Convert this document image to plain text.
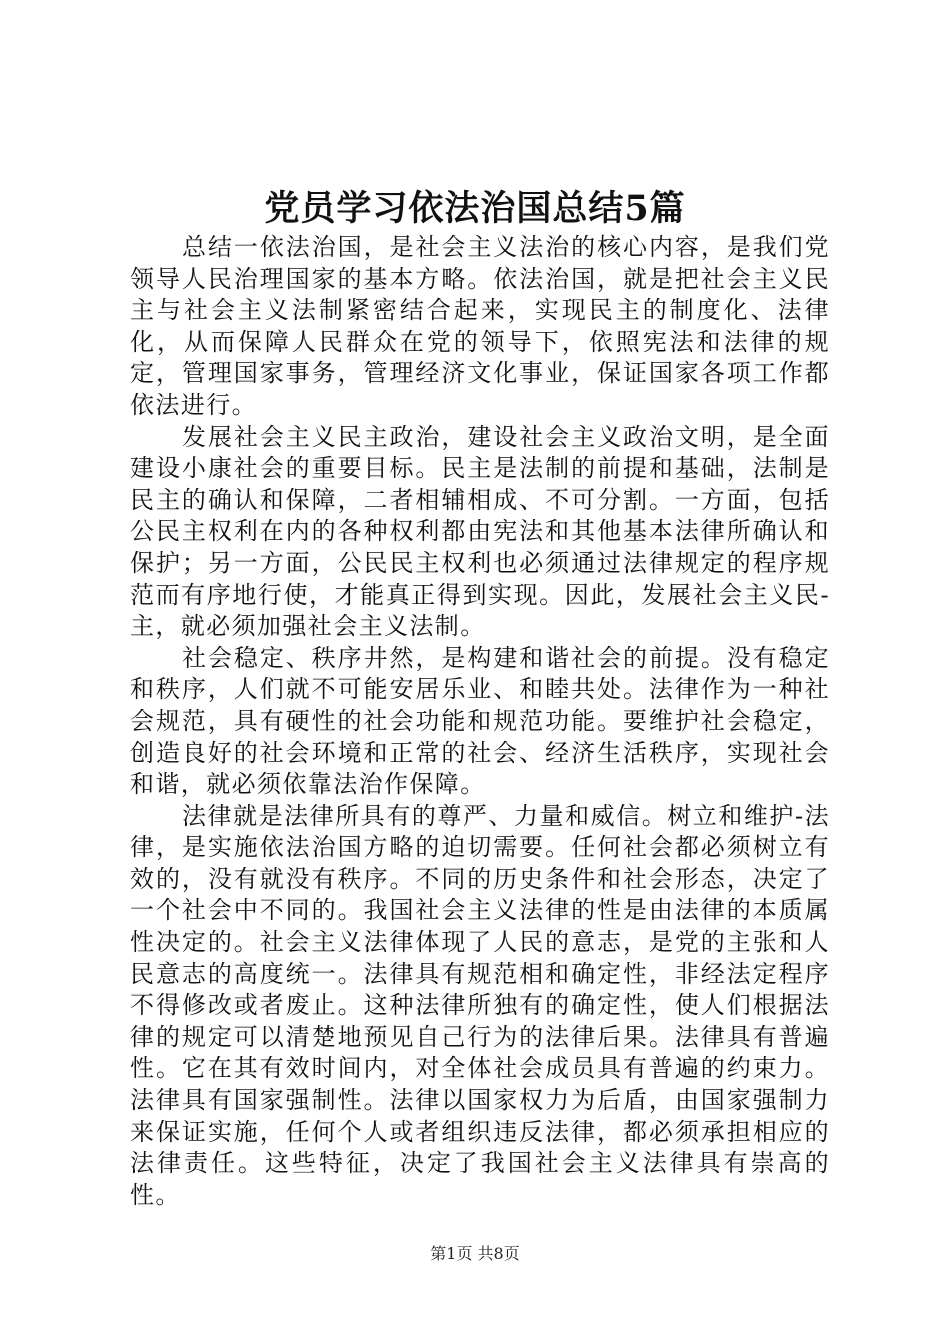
党员学习依法治国总结5篇

总结一依法治国，是社会主义法治的核心内容，是我们党领导人民治理国家的基本方略。依法治国，就是把社会主义民主与社会主义法制紧密结合起来，实现民主的制度化、法律化，从而保障人民群众在党的领导下，依照宪法和法律的规定，管理国家事务，管理经济文化事业，保证国家各项工作都依法进行。

发展社会主义民主政治，建设社会主义政治文明，是全面建设小康社会的重要目标。民主是法制的前提和基础，法制是民主的确认和保障，二者相辅相成、不可分割。一方面，包括公民主权利在内的各种权利都由宪法和其他基本法律所确认和保护；另一方面，公民民主权利也必须通过法律规定的程序规范而有序地行使，才能真正得到实现。因此，发展社会主义民-主，就必须加强社会主义法制。

社会稳定、秩序井然，是构建和谐社会的前提。没有稳定和秩序，人们就不可能安居乐业、和睦共处。法律作为一种社会规范，具有硬性的社会功能和规范功能。要维护社会稳定，创造良好的社会环境和正常的社会、经济生活秩序，实现社会和谐，就必须依靠法治作保障。

法律就是法律所具有的尊严、力量和威信。树立和维护-法律，是实施依法治国方略的迫切需要。任何社会都必须树立有效的，没有就没有秩序。不同的历史条件和社会形态，决定了一个社会中不同的。我国社会主义法律的性是由法律的本质属性决定的。社会主义法律体现了人民的意志，是党的主张和人民意志的高度统一。法律具有规范相和确定性，非经法定程序不得修改或者废止。这种法律所独有的确定性，使人们根据法律的规定可以清楚地预见自己行为的法律后果。法律具有普遍性。它在其有效时间内，对全体社会成员具有普遍的约束力。法律具有国家强制性。法律以国家权力为后盾，由国家强制力来保证实施，任何个人或者组织违反法律，都必须承担相应的法律责任。这些特征，决定了我国社会主义法律具有崇高的性。

第1页 共8页
